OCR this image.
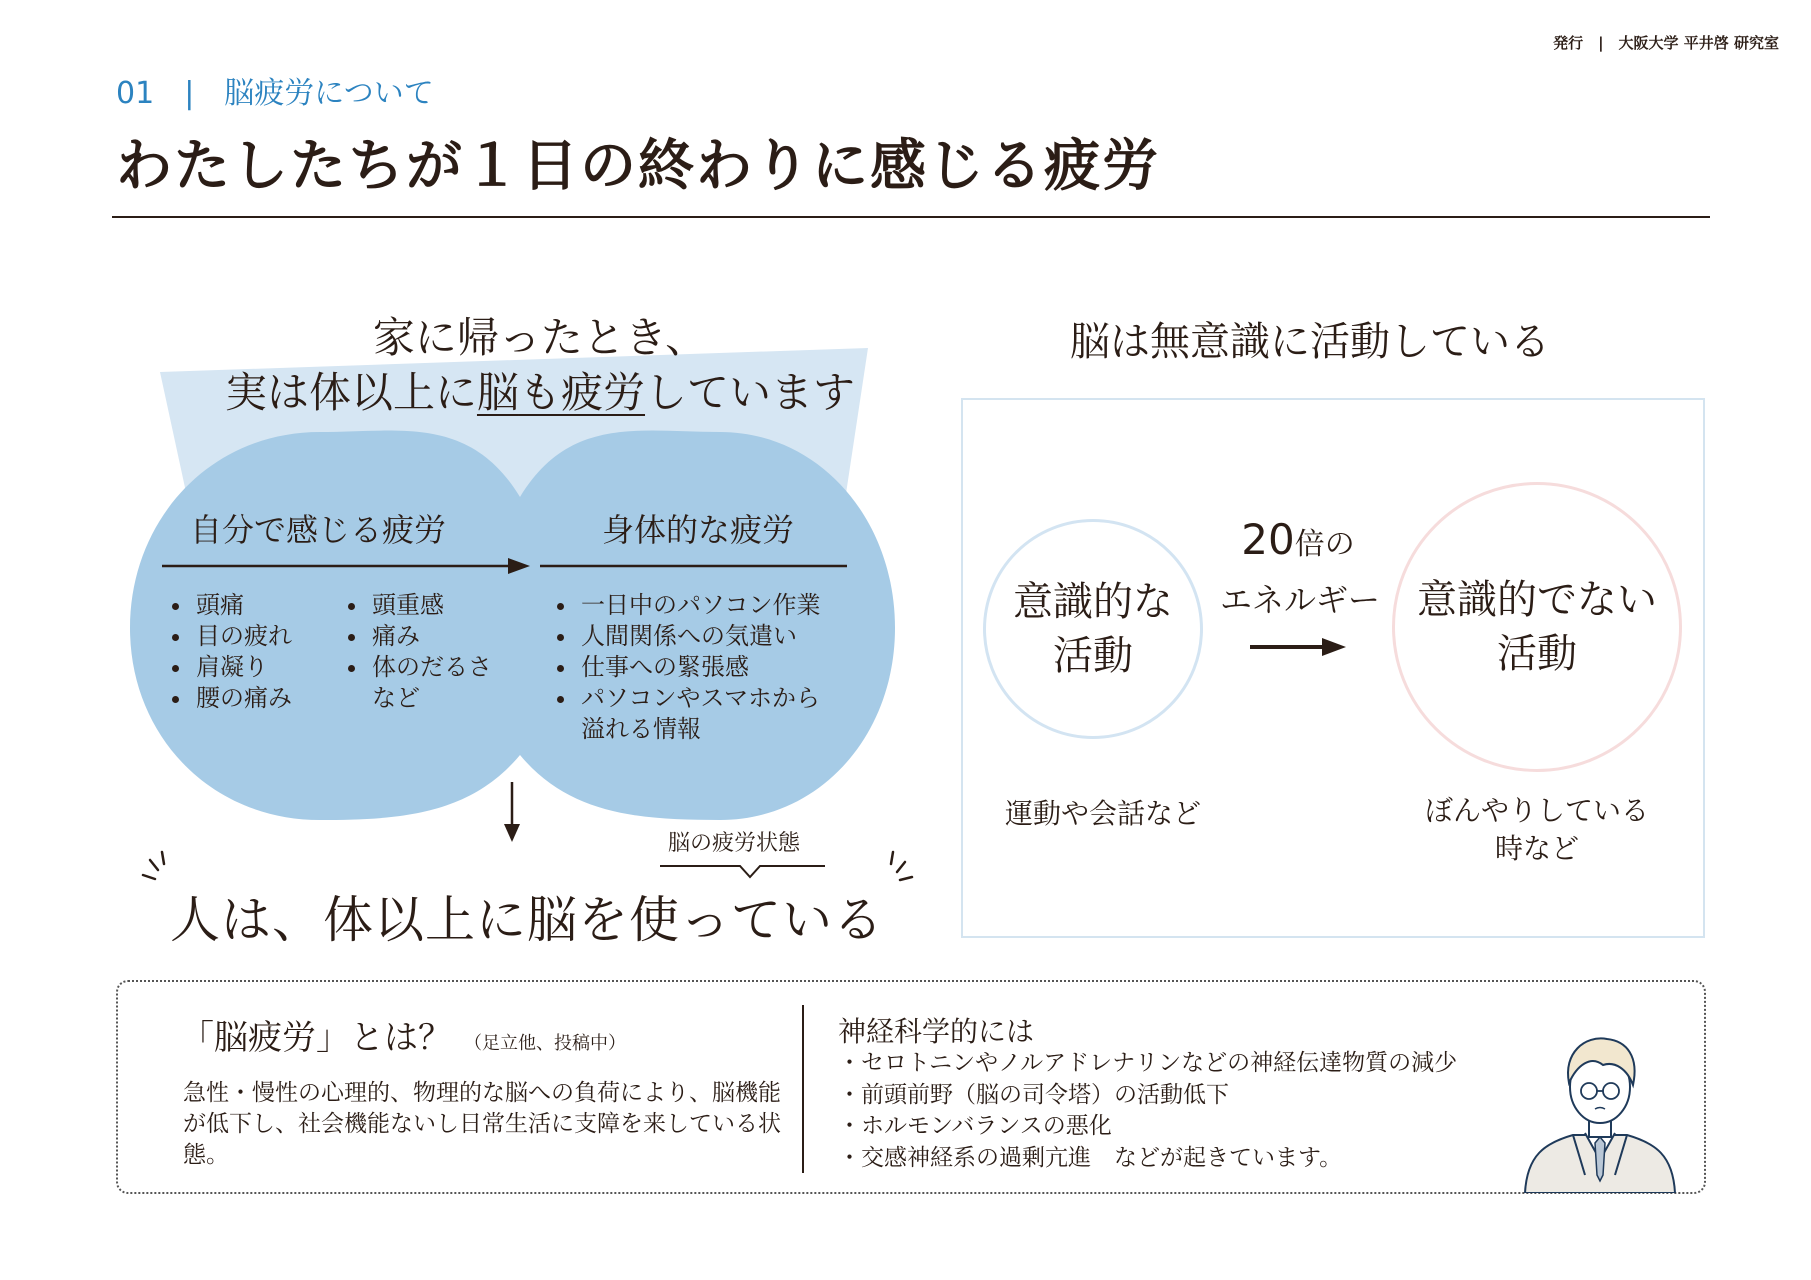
発行　|　大阪大学 平井啓 研究室
01　 |　 脳疲労について
わたしたちが１日の終わりに感じる疲労
家に帰ったとき、
実は体以上に脳も疲労しています
自分で感じる疲労	身体的な疲労
頭痛
目の疲れ
肩凝り
腰の痛み
頭重感
痛み
体のだるさ
など
一日中のパソコン作業
人間関係への気遣い
仕事への緊張感
パソコンやスマホから
溢れる情報
脳の疲労状態
人は、体以上に脳を使っている
脳は無意識に活動している
意識的な
活動
意識的でない
活動
20倍の
エネルギー
運動や会話など	ぼんやりしている
時など
「脳疲労」とは？ （足立他、投稿中）
急性・慢性の心理的、物理的な脳への負荷により、脳機能が低下し、社会機能ないし日常生活に支障を来している状態。
神経科学的には
・ セロトニンやノルアドレナリンなどの神経伝達物質の減少
・ 前頭前野（脳の司令塔）の活動低下
・ ホルモンバランスの悪化
・ 交感神経系の過剰亢進　などが起きています。
